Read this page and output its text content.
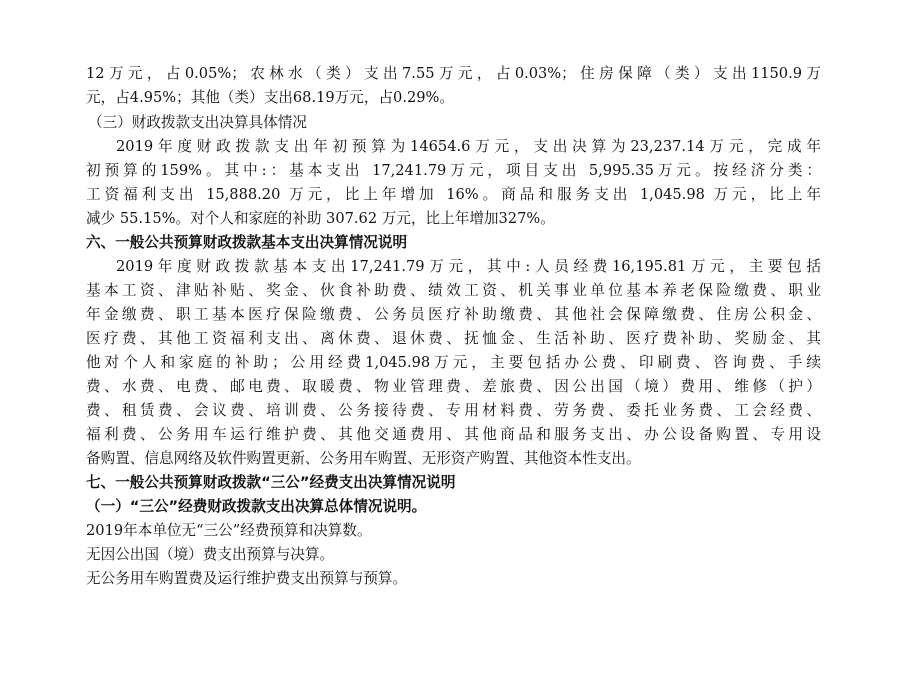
12万元，占0.05%；农林水（类）支出7.55万元，占0.03%；住房保障（类）支出1150.9万

元，占4.95%；其他（类）支出68.19万元，占0.29%。

（三）财政拨款支出决算具体情况

2019年度财政拨款支出年初预算为14654.6万元，支出决算为23,237.14万元，完成年

初预算的159%。其中:：基本支出 17,241.79万元，项目支出 5,995.35万元。按经济分类：

工资福利支出 15,888.20 万元，比上年增加 16%。商品和服务支出 1,045.98 万元，比上年

减少 55.15%。对个人和家庭的补助 307.62 万元，比上年增加327%。

六、一般公共预算财政拨款基本支出决算情况说明

2019年度财政拨款基本支出17,241.79万元，其中:人员经费16,195.81万元，主要包括

基本工资、津贴补贴、奖金、伙食补助费、绩效工资、机关事业单位基本养老保险缴费、职业

年金缴费、职工基本医疗保险缴费、公务员医疗补助缴费、其他社会保障缴费、住房公积金、

医疗费、其他工资福利支出、离休费、退休费、抚恤金、生活补助、医疗费补助、奖励金、其

他对个人和家庭的补助；公用经费1,045.98万元，主要包括办公费、印刷费、咨询费、手续

费、水费、电费、邮电费、取暖费、物业管理费、差旅费、因公出国（境）费用、维修（护）

费、租赁费、会议费、培训费、公务接待费、专用材料费、劳务费、委托业务费、工会经费、

福利费、公务用车运行维护费、其他交通费用、其他商品和服务支出、办公设备购置、专用设

备购置、信息网络及软件购置更新、公务用车购置、无形资产购置、其他资本性支出。

七、一般公共预算财政拨款“三公”经费支出决算情况说明

（一）“三公”经费财政拨款支出决算总体情况说明。

2019年本单位无“三公”经费预算和决算数。

无因公出国（境）费支出预算与决算。

无公务用车购置费及运行维护费支出预算与预算。
